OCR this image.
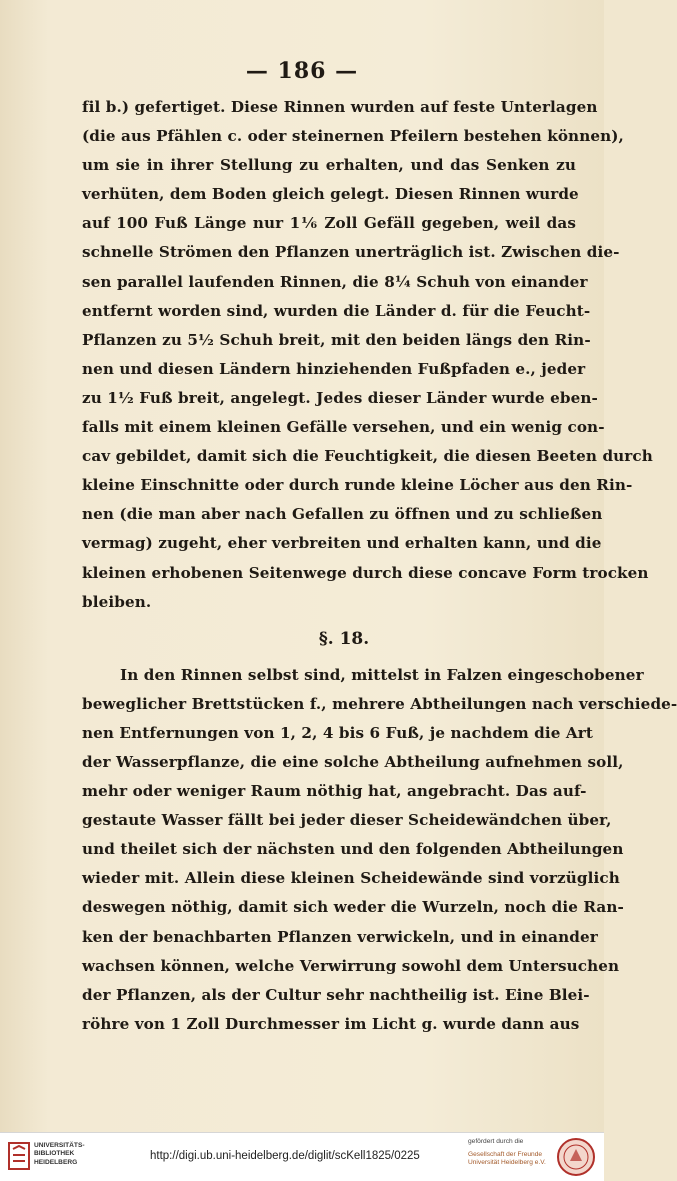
— 186 —
fil b.) gefertiget. Diese Rinnen wurden auf feste Unterlagen
(die aus Pfählen c. oder steinernen Pfeilern bestehen können),
um sie in ihrer Stellung zu erhalten, und das Senken zu
verhüten, dem Boden gleich gelegt. Diesen Rinnen wurde
auf 100 Fuß Länge nur 1⅙ Zoll Gefäll gegeben, weil das
schnelle Strömen den Pflanzen unerträglich ist. Zwischen die-
sen parallel laufenden Rinnen, die 8¼ Schuh von einander
entfernt worden sind, wurden die Länder d. für die Feucht-
Pflanzen zu 5½ Schuh breit, mit den beiden längs den Rin-
nen und diesen Ländern hinziehenden Fußpfaden e., jeder
zu 1½ Fuß breit, angelegt. Jedes dieser Länder wurde eben-
falls mit einem kleinen Gefälle versehen, und ein wenig con-
cav gebildet, damit sich die Feuchtigkeit, die diesen Beeten durch
kleine Einschnitte oder durch runde kleine Löcher aus den Rin-
nen (die man aber nach Gefallen zu öffnen und zu schließen
vermag) zugeht, eher verbreiten und erhalten kann, und die
kleinen erhobenen Seitenwege durch diese concave Form trocken
bleiben.
§. 18.
In den Rinnen selbst sind, mittelst in Falzen eingeschobener
beweglicher Brettstücken f., mehrere Abtheilungen nach verschiede-
nen Entfernungen von 1, 2, 4 bis 6 Fuß, je nachdem die Art
der Wasserpflanze, die eine solche Abtheilung aufnehmen soll,
mehr oder weniger Raum nöthig hat, angebracht. Das auf-
gestaute Wasser fällt bei jeder dieser Scheidewändchen über,
und theilet sich der nächsten und den folgenden Abtheilungen
wieder mit. Allein diese kleinen Scheidewände sind vorzüglich
deswegen nöthig, damit sich weder die Wurzeln, noch die Ran-
ken der benachbarten Pflanzen verwickeln, und in einander
wachsen können, welche Verwirrung sowohl dem Untersuchen
der Pflanzen, als der Cultur sehr nachtheilig ist. Eine Blei-
röhre von 1 Zoll Durchmesser im Licht g. wurde dann aus
UNIVERSITÄTS-
BIBLIOTHEK
HEIDELBERG
http://digi.ub.uni-heidelberg.de/diglit/scKell1825/0225
gefördert durch die
Gesellschaft der Freunde
Universität Heidelberg e.V.
